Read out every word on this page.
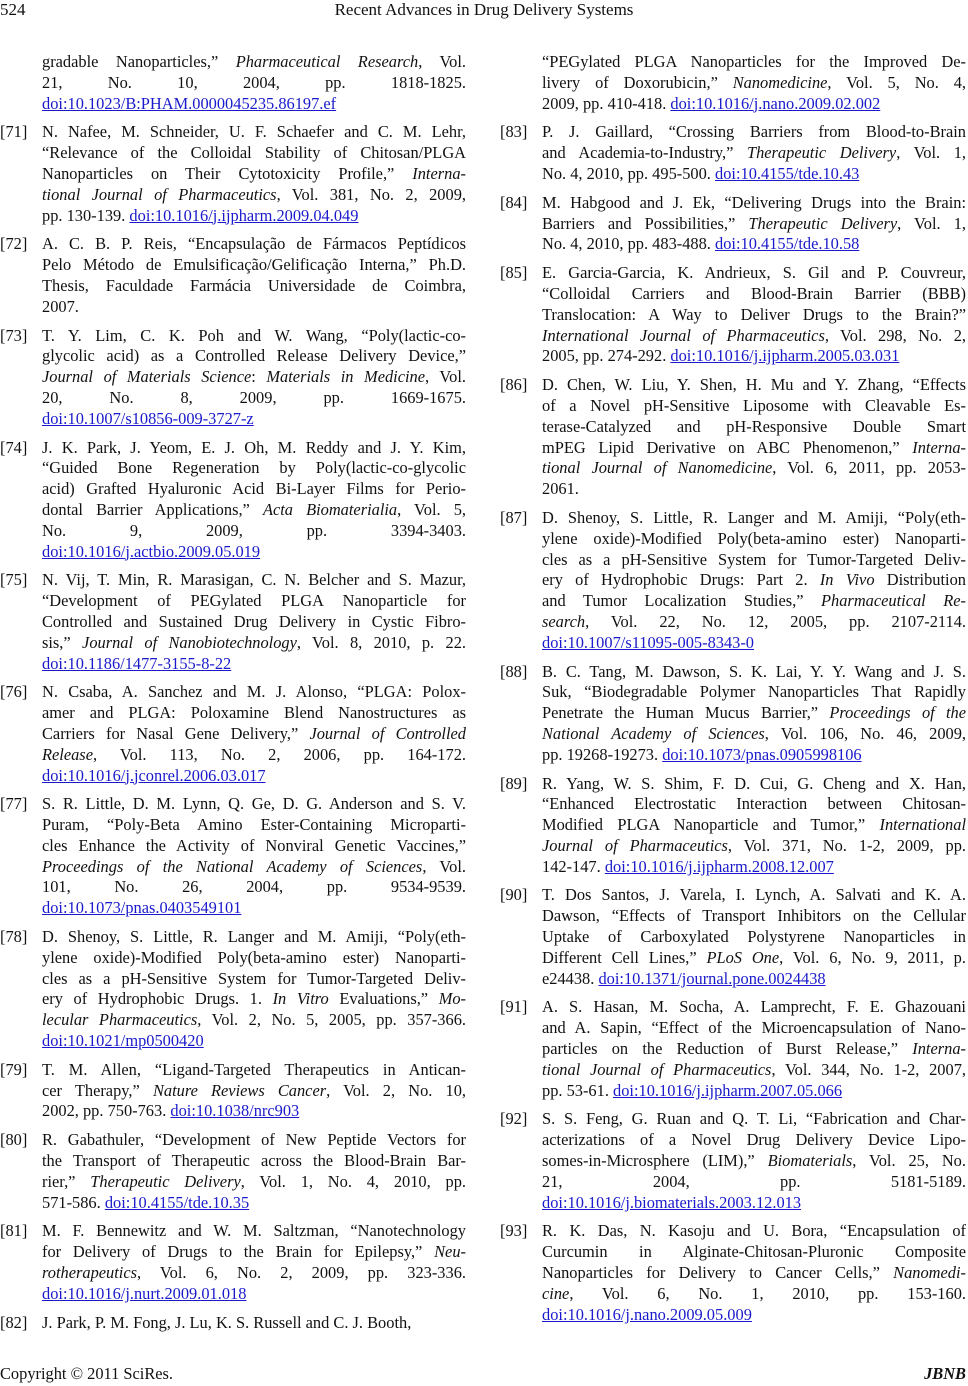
Recent Advances in Drug Delivery Systems
524
gradable Nanoparticles,” Pharmaceutical Research, Vol.
21, No. 10, 2004, pp. 1818-1825.
doi:10.1023/B:PHAM.0000045235.86197.ef
[71] N. Nafee, M. Schneider, U. F. Schaefer and C. M. Lehr,
“Relevance of the Colloidal Stability of Chitosan/PLGA
Nanoparticles on Their Cytotoxicity Profile,” Interna-
tional Journal of Pharmaceutics, Vol. 381, No. 2, 2009,
pp. 130-139. doi:10.1016/j.ijpharm.2009.04.049
[72] A. C. B. P. Reis, “Encapsulação de Fármacos Peptídicos
Pelo Método de Emulsificação/Gelificação Interna,” Ph.D.
Thesis, Faculdade Farmácia Universidade de Coimbra,
2007.
[73] T. Y. Lim, C. K. Poh and W. Wang, “Poly(lactic-co-
glycolic acid) as a Controlled Release Delivery Device,”
Journal of Materials Science: Materials in Medicine, Vol.
20, No. 8, 2009, pp. 1669-1675.
doi:10.1007/s10856-009-3727-z
[74] J. K. Park, J. Yeom, E. J. Oh, M. Reddy and J. Y. Kim,
“Guided Bone Regeneration by Poly(lactic-co-glycolic
acid) Grafted Hyaluronic Acid Bi-Layer Films for Perio-
dontal Barrier Applications,” Acta Biomaterialia, Vol. 5,
No. 9, 2009, pp. 3394-3403.
doi:10.1016/j.actbio.2009.05.019
[75] N. Vij, T. Min, R. Marasigan, C. N. Belcher and S. Mazur,
“Development of PEGylated PLGA Nanoparticle for
Controlled and Sustained Drug Delivery in Cystic Fibro-
sis,” Journal of Nanobiotechnology, Vol. 8, 2010, p. 22.
doi:10.1186/1477-3155-8-22
[76] N. Csaba, A. Sanchez and M. J. Alonso, “PLGA: Polox-
amer and PLGA: Poloxamine Blend Nanostructures as
Carriers for Nasal Gene Delivery,” Journal of Controlled
Release, Vol. 113, No. 2, 2006, pp. 164-172.
doi:10.1016/j.jconrel.2006.03.017
[77] S. R. Little, D. M. Lynn, Q. Ge, D. G. Anderson and S. V.
Puram, “Poly-Beta Amino Ester-Containing Microparti-
cles Enhance the Activity of Nonviral Genetic Vaccines,”
Proceedings of the National Academy of Sciences, Vol.
101, No. 26, 2004, pp. 9534-9539.
doi:10.1073/pnas.0403549101
[78] D. Shenoy, S. Little, R. Langer and M. Amiji, “Poly(eth-
ylene oxide)-Modified Poly(beta-amino ester) Nanoparti-
cles as a pH-Sensitive System for Tumor-Targeted Deliv-
ery of Hydrophobic Drugs. 1. In Vitro Evaluations,” Mo-
lecular Pharmaceutics, Vol. 2, No. 5, 2005, pp. 357-366.
doi:10.1021/mp0500420
[79] T. M. Allen, “Ligand-Targeted Therapeutics in Antican-
cer Therapy,” Nature Reviews Cancer, Vol. 2, No. 10,
2002, pp. 750-763. doi:10.1038/nrc903
[80] R. Gabathuler, “Development of New Peptide Vectors for
the Transport of Therapeutic across the Blood-Brain Bar-
rier,” Therapeutic Delivery, Vol. 1, No. 4, 2010, pp.
571-586. doi:10.4155/tde.10.35
[81] M. F. Bennewitz and W. M. Saltzman, “Nanotechnology
for Delivery of Drugs to the Brain for Epilepsy,” Neu-
rotherapeutics, Vol. 6, No. 2, 2009, pp. 323-336.
doi:10.1016/j.nurt.2009.01.018
[82] J. Park, P. M. Fong, J. Lu, K. S. Russell and C. J. Booth,
“PEGylated PLGA Nanoparticles for the Improved De-
livery of Doxorubicin,” Nanomedicine, Vol. 5, No. 4,
2009, pp. 410-418. doi:10.1016/j.nano.2009.02.002
[83] P. J. Gaillard, “Crossing Barriers from Blood-to-Brain
and Academia-to-Industry,” Therapeutic Delivery, Vol. 1,
No. 4, 2010, pp. 495-500. doi:10.4155/tde.10.43
[84] M. Habgood and J. Ek, “Delivering Drugs into the Brain:
Barriers and Possibilities,” Therapeutic Delivery, Vol. 1,
No. 4, 2010, pp. 483-488. doi:10.4155/tde.10.58
[85] E. Garcia-Garcia, K. Andrieux, S. Gil and P. Couvreur,
“Colloidal Carriers and Blood-Brain Barrier (BBB)
Translocation: A Way to Deliver Drugs to the Brain?”
International Journal of Pharmaceutics, Vol. 298, No. 2,
2005, pp. 274-292. doi:10.1016/j.ijpharm.2005.03.031
[86] D. Chen, W. Liu, Y. Shen, H. Mu and Y. Zhang, “Effects
of a Novel pH-Sensitive Liposome with Cleavable Es-
terase-Catalyzed and pH-Responsive Double Smart
mPEG Lipid Derivative on ABC Phenomenon,” Interna-
tional Journal of Nanomedicine, Vol. 6, 2011, pp. 2053-
2061.
[87] D. Shenoy, S. Little, R. Langer and M. Amiji, “Poly(eth-
ylene oxide)-Modified Poly(beta-amino ester) Nanoparti-
cles as a pH-Sensitive System for Tumor-Targeted Deliv-
ery of Hydrophobic Drugs: Part 2. In Vivo Distribution
and Tumor Localization Studies,” Pharmaceutical Re-
search, Vol. 22, No. 12, 2005, pp. 2107-2114.
doi:10.1007/s11095-005-8343-0
[88] B. C. Tang, M. Dawson, S. K. Lai, Y. Y. Wang and J. S.
Suk, “Biodegradable Polymer Nanoparticles That Rapidly
Penetrate the Human Mucus Barrier,” Proceedings of the
National Academy of Sciences, Vol. 106, No. 46, 2009,
pp. 19268-19273. doi:10.1073/pnas.0905998106
[89] R. Yang, W. S. Shim, F. D. Cui, G. Cheng and X. Han,
“Enhanced Electrostatic Interaction between Chitosan-
Modified PLGA Nanoparticle and Tumor,” International
Journal of Pharmaceutics, Vol. 371, No. 1-2, 2009, pp.
142-147. doi:10.1016/j.ijpharm.2008.12.007
[90] T. Dos Santos, J. Varela, I. Lynch, A. Salvati and K. A.
Dawson, “Effects of Transport Inhibitors on the Cellular
Uptake of Carboxylated Polystyrene Nanoparticles in
Different Cell Lines,” PLoS One, Vol. 6, No. 9, 2011, p.
e24438. doi:10.1371/journal.pone.0024438
[91] A. S. Hasan, M. Socha, A. Lamprecht, F. E. Ghazouani
and A. Sapin, “Effect of the Microencapsulation of Nano-
particles on the Reduction of Burst Release,” Interna-
tional Journal of Pharmaceutics, Vol. 344, No. 1-2, 2007,
pp. 53-61. doi:10.1016/j.ijpharm.2007.05.066
[92] S. S. Feng, G. Ruan and Q. T. Li, “Fabrication and Char-
acterizations of a Novel Drug Delivery Device Lipo-
somes-in-Microsphere (LIM),” Biomaterials, Vol. 25, No.
21, 2004, pp. 5181-5189.
doi:10.1016/j.biomaterials.2003.12.013
[93] R. K. Das, N. Kasoju and U. Bora, “Encapsulation of
Curcumin in Alginate-Chitosan-Pluronic Composite
Nanoparticles for Delivery to Cancer Cells,” Nanomedi-
cine, Vol. 6, No. 1, 2010, pp. 153-160.
doi:10.1016/j.nano.2009.05.009
Copyright © 2011 SciRes.	JBNB
